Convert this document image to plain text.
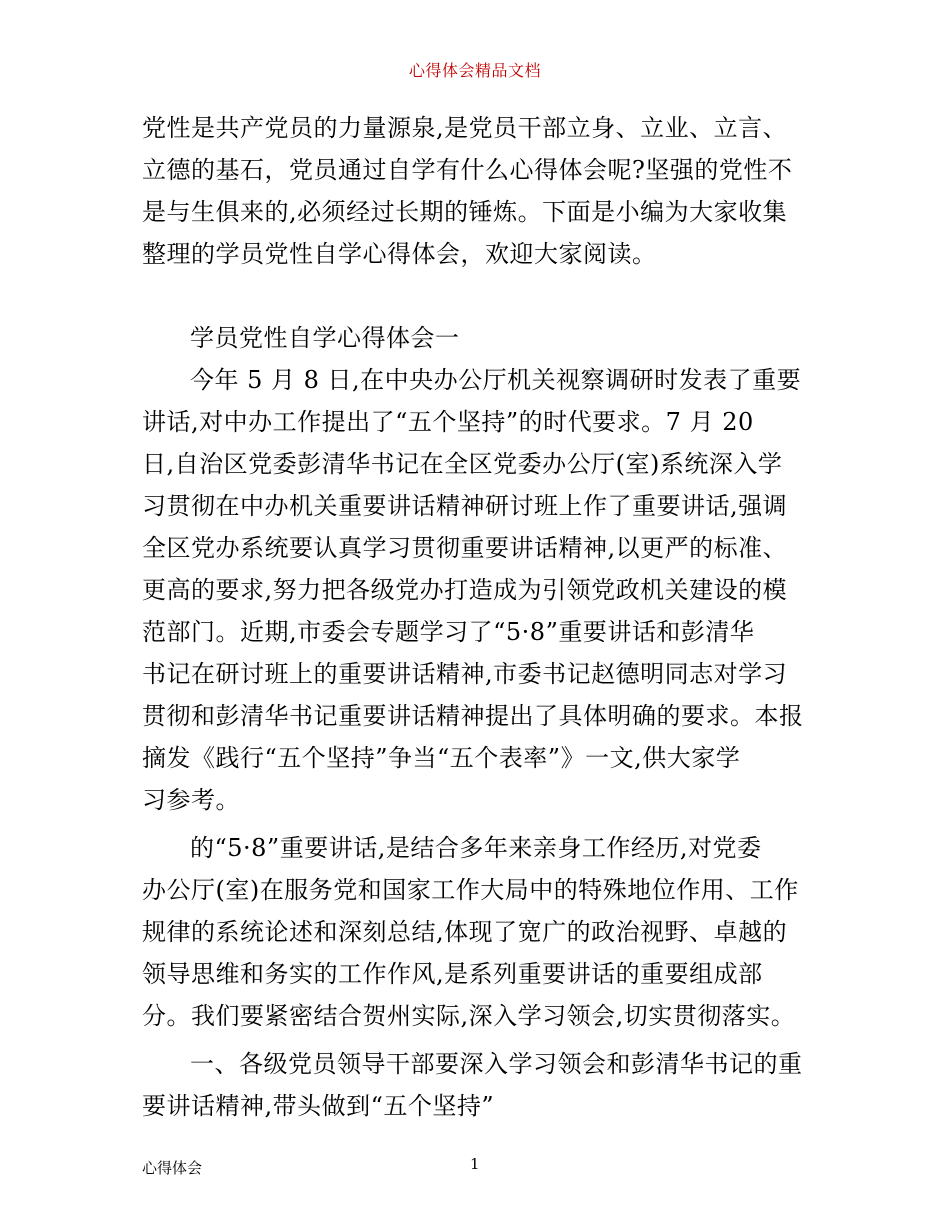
心得体会精品文档
党性是共产党员的力量源泉,是党员干部立身、立业、立言、
立德的基石，党员通过自学有什么心得体会呢?坚强的党性不
是与生俱来的,必须经过长期的锤炼。下面是小编为大家收集
整理的学员党性自学心得体会，欢迎大家阅读。
学员党性自学心得体会一
今年 5 月 8 日,在中央办公厅机关视察调研时发表了重要
讲话,对中办工作提出了“五个坚持”的时代要求。7 月 20
日,自治区党委彭清华书记在全区党委办公厅(室)系统深入学
习贯彻在中办机关重要讲话精神研讨班上作了重要讲话,强调
全区党办系统要认真学习贯彻重要讲话精神,以更严的标准、
更高的要求,努力把各级党办打造成为引领党政机关建设的模
范部门。近期,市委会专题学习了“5·8”重要讲话和彭清华
书记在研讨班上的重要讲话精神,市委书记赵德明同志对学习
贯彻和彭清华书记重要讲话精神提出了具体明确的要求。本报
摘发《践行“五个坚持”争当“五个表率”》一文,供大家学
习参考。
的“5·8”重要讲话,是结合多年来亲身工作经历,对党委
办公厅(室)在服务党和国家工作大局中的特殊地位作用、工作
规律的系统论述和深刻总结,体现了宽广的政治视野、卓越的
领导思维和务实的工作作风,是系列重要讲话的重要组成部
分。我们要紧密结合贺州实际,深入学习领会,切实贯彻落实。
一、各级党员领导干部要深入学习领会和彭清华书记的重
要讲话精神,带头做到“五个坚持”
心得体会	1
